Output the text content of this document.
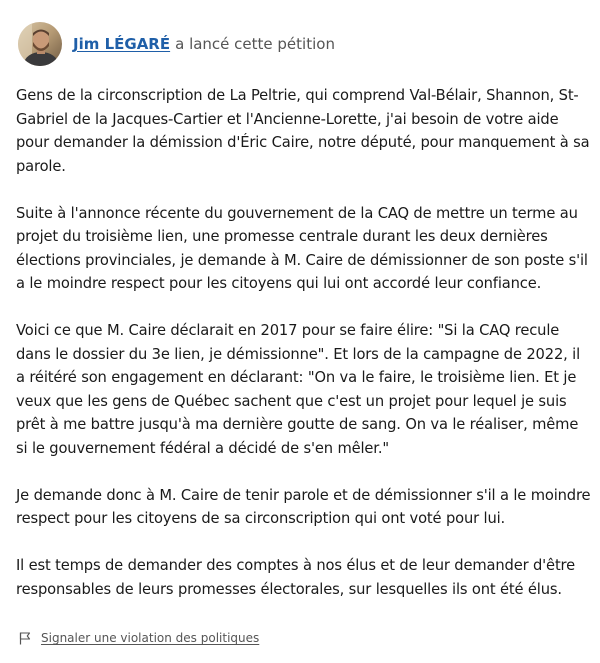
Jim LÉGARÉ a lancé cette pétition

Gens de la circonscription de La Peltrie, qui comprend Val-Bélair, Shannon, St-Gabriel de la Jacques-Cartier et l'Ancienne-Lorette, j'ai besoin de votre aide pour demander la démission d'Éric Caire, notre député, pour manquement à sa parole.

Suite à l'annonce récente du gouvernement de la CAQ de mettre un terme au projet du troisième lien, une promesse centrale durant les deux dernières élections provinciales, je demande à M. Caire de démissionner de son poste s'il a le moindre respect pour les citoyens qui lui ont accordé leur confiance.

Voici ce que M. Caire déclarait en 2017 pour se faire élire: "Si la CAQ recule dans le dossier du 3e lien, je démissionne". Et lors de la campagne de 2022, il a réitéré son engagement en déclarant: "On va le faire, le troisième lien. Et je veux que les gens de Québec sachent que c'est un projet pour lequel je suis prêt à me battre jusqu'à ma dernière goutte de sang. On va le réaliser, même si le gouvernement fédéral a décidé de s'en mêler."

Je demande donc à M. Caire de tenir parole et de démissionner s'il a le moindre respect pour les citoyens de sa circonscription qui ont voté pour lui.

Il est temps de demander des comptes à nos élus et de leur demander d'être responsables de leurs promesses électorales, sur lesquelles ils ont été élus.

Signaler une violation des politiques
